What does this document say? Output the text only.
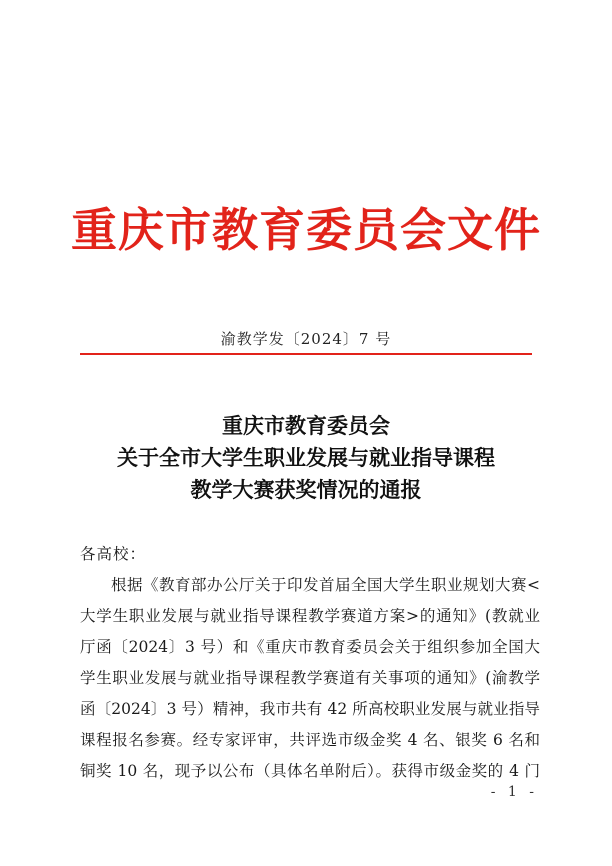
重庆市教育委员会文件
渝教学发〔2024〕7 号
重庆市教育委员会
关于全市大学生职业发展与就业指导课程
教学大赛获奖情况的通报
各高校：
根据《教育部办公厅关于印发首届全国大学生职业规划大赛<
大学生职业发展与就业指导课程教学赛道方案>的通知》(教就业
厅函〔2024〕3 号）和《重庆市教育委员会关于组织参加全国大
学生职业发展与就业指导课程教学赛道有关事项的通知》(渝教学
函〔2024〕3 号）精神，我市共有 42 所高校职业发展与就业指导
课程报名参赛。经专家评审，共评选市级金奖 4 名、银奖 6 名和
铜奖 10 名，现予以公布（具体名单附后）。获得市级金奖的 4 门
- 1 -
